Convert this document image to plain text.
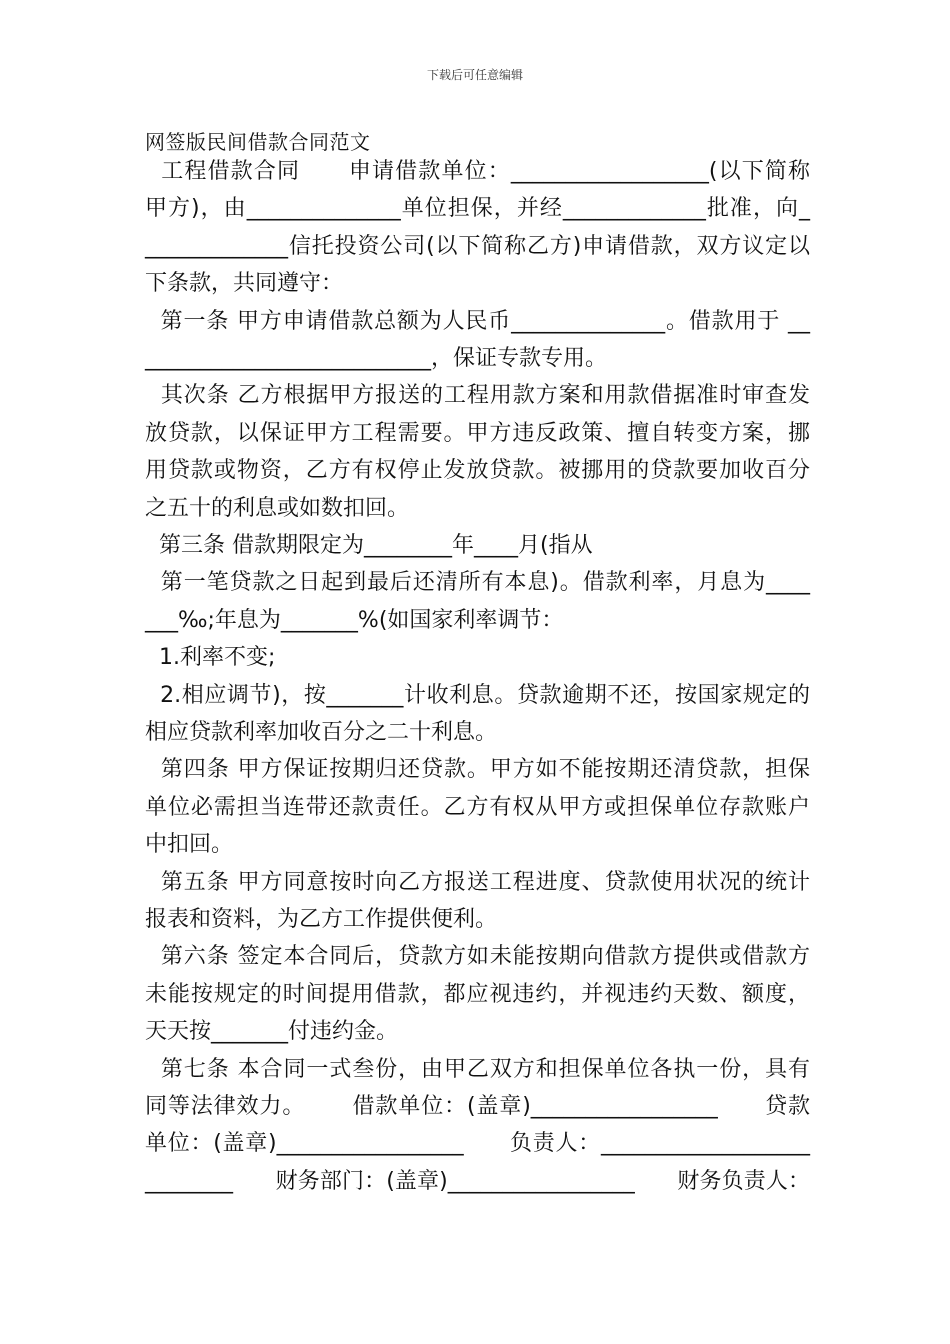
下载后可任意编辑
网签版民间借款合同范文
工程借款合同      申请借款单位：__________________(以下简称
甲方)，由______________单位担保，并经_____________批准，向_
_____________信托投资公司(以下简称乙方)申请借款，双方议定以
下条款，共同遵守：
第一条 甲方申请借款总额为人民币______________。借款用于 __
__________________________，保证专款专用。
其次条 乙方根据甲方报送的工程用款方案和用款借据准时审查发
放贷款，以保证甲方工程需要。甲方违反政策、擅自转变方案，挪
用贷款或物资，乙方有权停止发放贷款。被挪用的贷款要加收百分
之五十的利息或如数扣回。
第三条 借款期限定为________年____月(指从
第一笔贷款之日起到最后还清所有本息)。借款利率，月息为____
___‰;年息为_______%(如国家利率调节：
1.利率不变;
2.相应调节)，按_______计收利息。贷款逾期不还，按国家规定的
相应贷款利率加收百分之二十利息。
第四条 甲方保证按期归还贷款。甲方如不能按期还清贷款，担保
单位必需担当连带还款责任。乙方有权从甲方或担保单位存款账户
中扣回。
第五条 甲方同意按时向乙方报送工程进度、贷款使用状况的统计
报表和资料，为乙方工作提供便利。
第六条 签定本合同后，贷款方如未能按期向借款方提供或借款方
未能按规定的时间提用借款，都应视违约，并视违约天数、额度，
天天按_______付违约金。
第七条 本合同一式叁份，由甲乙双方和担保单位各执一份，具有
同等法律效力。      借款单位：(盖章)_________________      贷款
单位：(盖章)_________________      负责人：___________________
________      财务部门：(盖章)_________________      财务负责人：
